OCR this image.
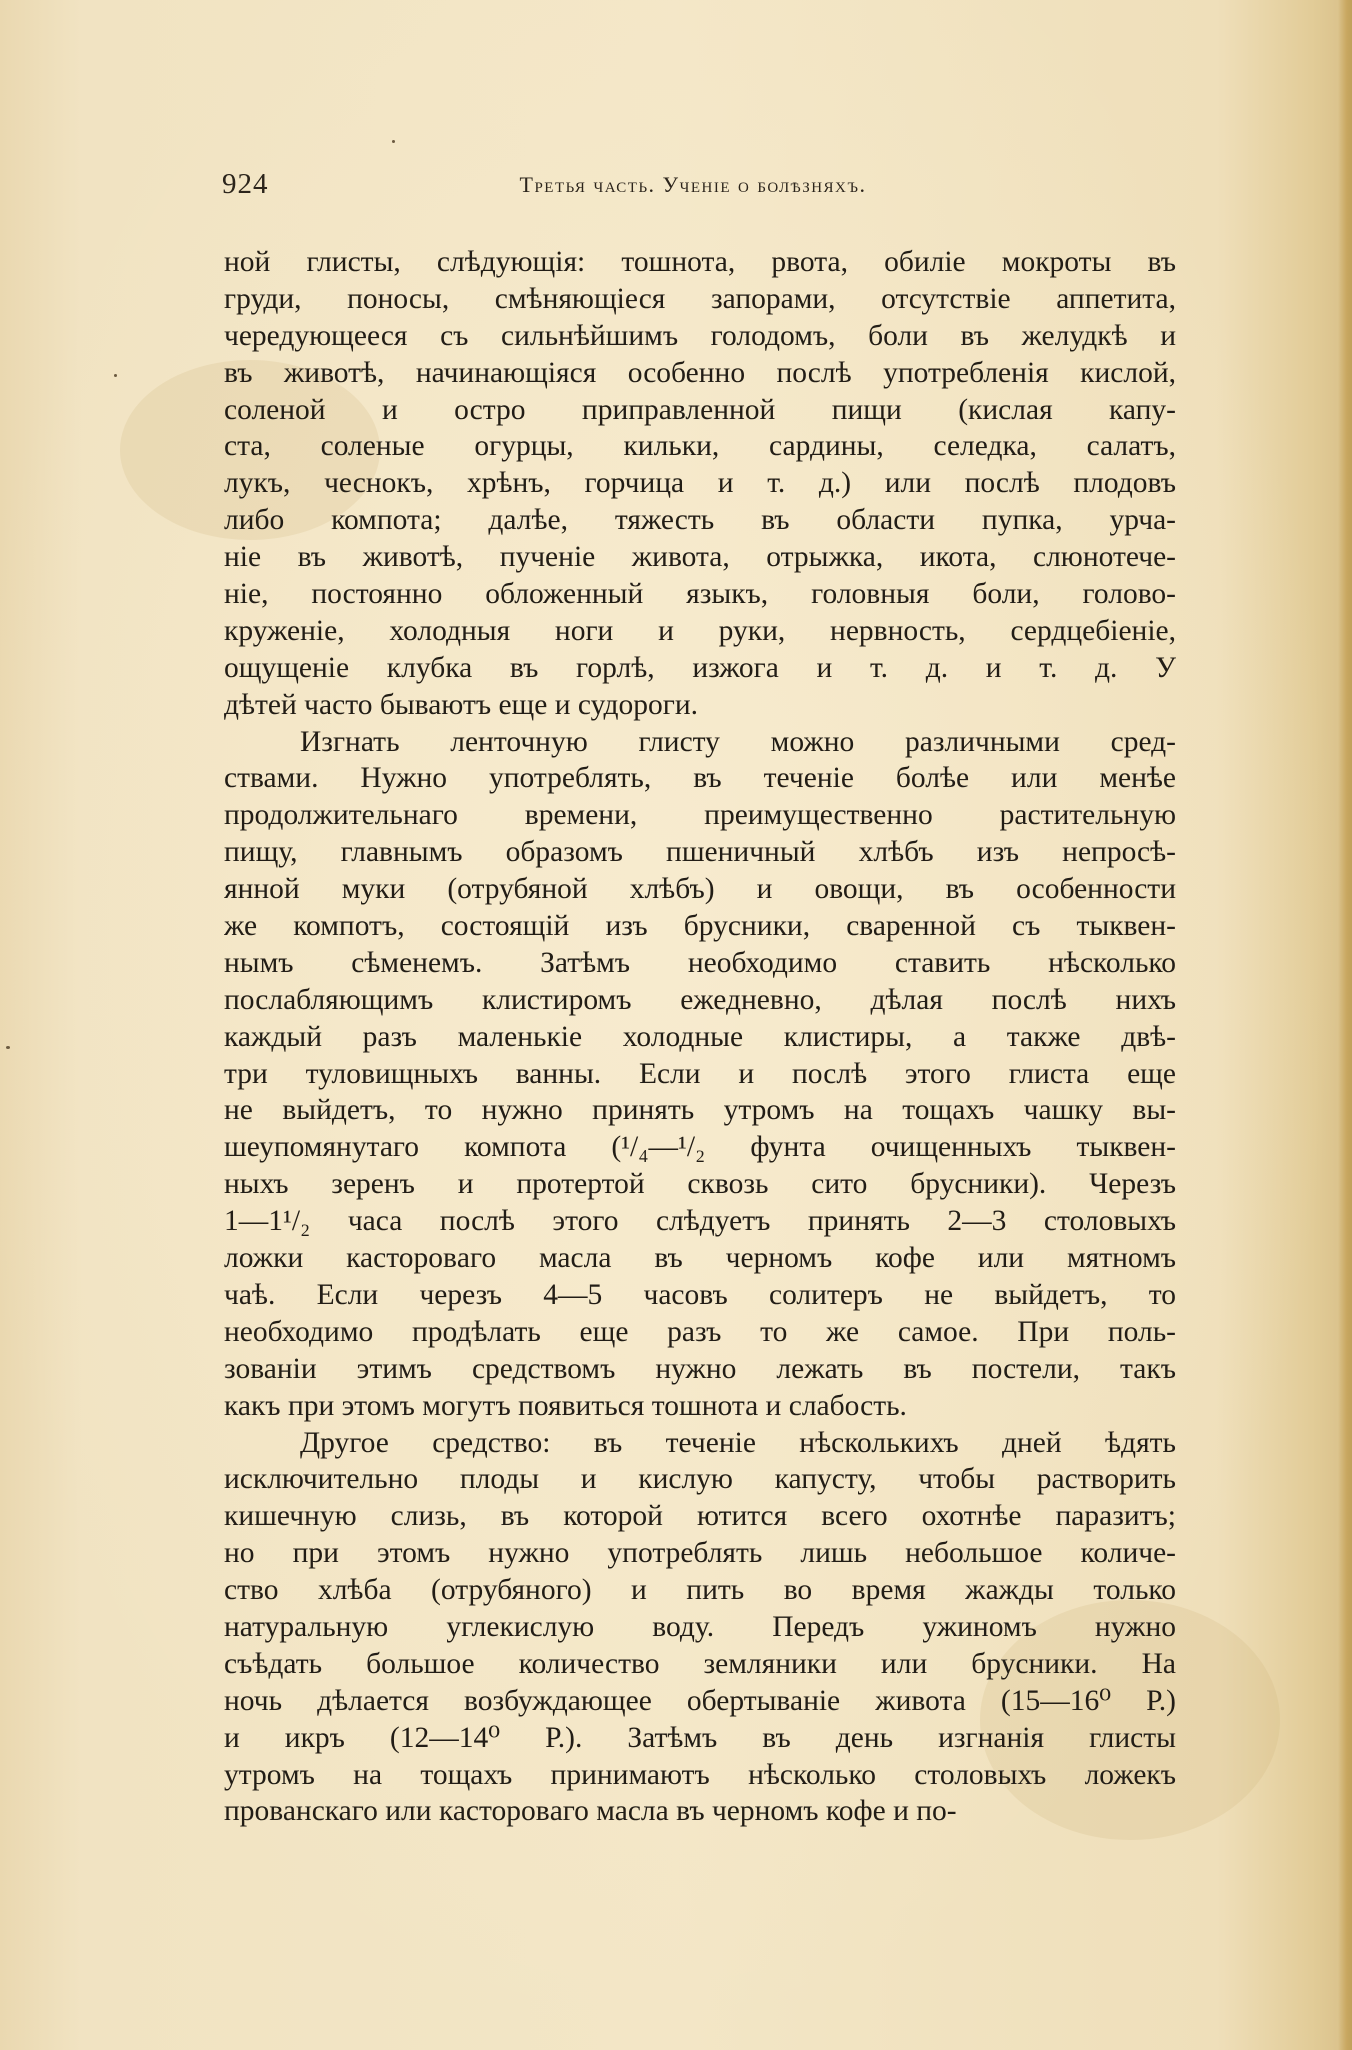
924	Третья часть. Ученіе о болѣзняхъ.
ной глисты, слѣдующія: тошнота, рвота, обиліе мокроты въ
груди, поносы, смѣняющіеся запорами, отсутствіе аппетита,
чередующееся съ сильнѣйшимъ голодомъ, боли въ желудкѣ и
въ животѣ, начинающіяся особенно послѣ употребленія кислой,
соленой и остро приправленной пищи (кислая капу-
ста, соленые огурцы, кильки, сардины, селедка, салатъ,
лукъ, чеснокъ, хрѣнъ, горчица и т. д.) или послѣ плодовъ
либо компота; далѣе, тяжесть въ области пупка, урча-
ніе въ животѣ, пученіе живота, отрыжка, икота, слюнотече-
ніе, постоянно обложенный языкъ, головныя боли, голово-
круженіе, холодныя ноги и руки, нервность, сердцебіеніе,
ощущеніе клубка въ горлѣ, изжога и т. д. и т. д. У
дѣтей часто бываютъ еще и судороги.
Изгнать ленточную глисту можно различными сред-
ствами. Нужно употреблять, въ теченіе болѣе или менѣе
продолжительнаго времени, преимущественно растительную
пищу, главнымъ образомъ пшеничный хлѣбъ изъ непросѣ-
янной муки (отрубяной хлѣбъ) и овощи, въ особенности
же компотъ, состоящій изъ брусники, сваренной съ тыквен-
нымъ сѣменемъ. Затѣмъ необходимо ставить нѣсколько
послабляющимъ клистиромъ ежедневно, дѣлая послѣ нихъ
каждый разъ маленькіе холодные клистиры, а также двѣ-
три туловищныхъ ванны. Если и послѣ этого глиста еще
не выйдетъ, то нужно принять утромъ на тощахъ чашку вы-
шеупомянутаго компота (¹/₄—¹/₂ фунта очищенныхъ тыквен-
ныхъ зеренъ и протертой сквозь сито брусники). Черезъ
1—1¹/₂ часа послѣ этого слѣдуетъ принять 2—3 столовыхъ
ложки касторовaго масла въ черномъ кофе или мятномъ
чаѣ. Если черезъ 4—5 часовъ солитеръ не выйдетъ, то
необходимо продѣлать еще разъ то же самое. При поль-
зованіи этимъ средствомъ нужно лежать въ постели, такъ
какъ при этомъ могутъ появиться тошнота и слабость.
Другое средство: въ теченіе нѣсколькихъ дней ѣдять
исключительно плоды и кислую капусту, чтобы растворить
кишечную слизь, въ которой ютится всего охотнѣе паразитъ;
но при этомъ нужно употреблять лишь небольшое количе-
ство хлѣба (отрубяного) и пить во время жажды только
натуральную углекислую воду. Передъ ужиномъ нужно
съѣдать большое количество земляники или брусники. На
ночь дѣлается возбуждающее обертываніе живота (15—16⁰ Р.)
и икръ (12—14⁰ Р.). Затѣмъ въ день изгнанія глисты
утромъ на тощахъ принимаютъ нѣсколько столовыхъ ложекъ
прованскаго или касторовaго масла въ черномъ кофе и по-
